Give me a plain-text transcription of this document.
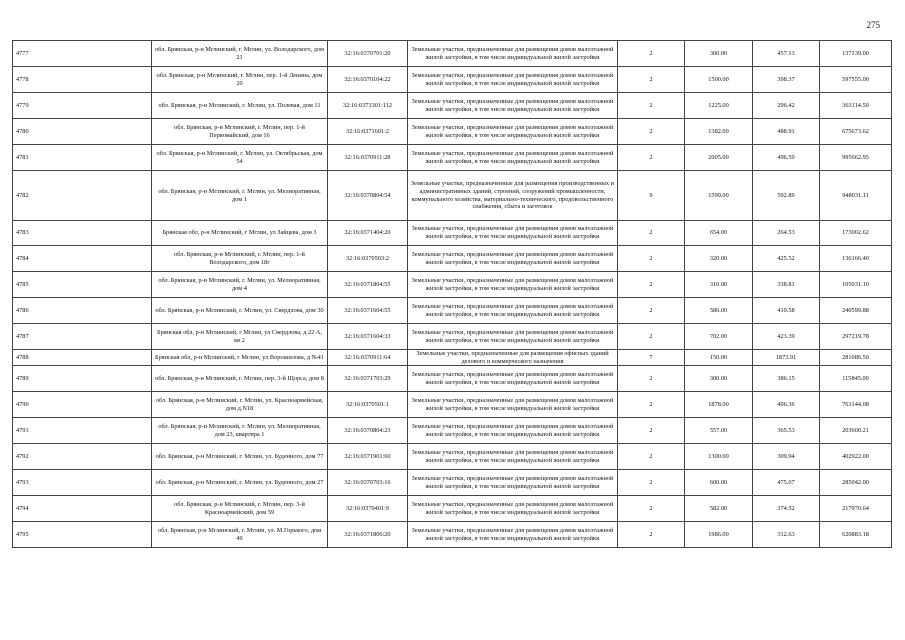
275
4777	обл. Брянская, р-н Мглинский, г. Мглин, ул. Володарского, дом 21	32:16:0370701:20	Земельные участки, предназначенные для размещения домов малоэтажной жилой застройки, в том числе индивидуальной жилой застройки	2	300.00	457.13	137139.00
4778	обл. Брянская, р-н Мглинский, г. Мглин, пер. 1-й Ленина, дом 20	32:16:0370104:22	Земельные участки, предназначенные для размещения домов малоэтажной жилой застройки, в том числе индивидуальной жилой застройки	2	1500.00	398.37	597555.00
4779	обл. Брянская, р-н Мглинский, г. Мглин, ул. Полевая, дом 11	32:16:0371301:112	Земельные участки, предназначенные для размещения домов малоэтажной жилой застройки, в том числе индивидуальной жилой застройки	2	1225.00	296.42	363114.50
4780	обл. Брянская, р-н Мглинский, г. Мглин, пер. 1-й Первомайский, дом 16	32:16:0371601:2	Земельные участки, предназначенные для размещения домов малоэтажной жилой застройки, в том числе индивидуальной жилой застройки	2	1382.00	488.91	675673.62
4781	обл. Брянская, р-н Мглинский, г. Мглин, ул. Октябрьская, дом 54	32:16:0370911:28	Земельные участки, предназначенные для размещения домов малоэтажной жилой застройки, в том числе индивидуальной жилой застройки	2	2005.00	496.59	995662.95
4782	обл. Брянская, р-н Мглинский, г. Мглин, ул. Мелиоративная, дом 1	32:16:0370804:54	Земельные участки, предназначенные для размещения производственных и административных зданий, строений, сооружений промышленности, коммунального хозяйства, материально-технического, продовольственного снабжения, сбыта и заготовок	9	1599.00	592.89	948031.11
4783	Брянская обл, р-н Мглинский, г Мглин, ул Зайцева, дом 3	32:16:0371404:20	Земельные участки, предназначенные для размещения домов малоэтажной жилой застройки, в том числе индивидуальной жилой застройки	2	654.00	264.53	173002.62
4784	обл. Брянская, р-н Мглинский, г. Мглин, пер. 1-й Володарского, дом 18г	32:16:0370503:2	Земельные участки, предназначенные для размещения домов малоэтажной жилой застройки, в том числе индивидуальной жилой застройки	2	320.00	425.52	136166.40
4785	обл. Брянская, р-н Мглинский, г. Мглин, ул. Мелиоративная, дом 4	32:16:0371804:55	Земельные участки, предназначенные для размещения домов малоэтажной жилой застройки, в том числе индивидуальной жилой застройки	2	310.00	338.81	105031.10
4786	обл. Брянская, р-н Мглинский, г. Мглин, ул. Свердлова, дом 30	32:16:0371604:55	Земельные участки, предназначенные для размещения домов малоэтажной жилой застройки, в том числе индивидуальной жилой застройки	2	586.00	410.58	240599.88
4787	Брянская обл, р-н Мглинский, г Мглин, ул Свердлова, д 22 А, кв 2	32:16:0371604:33	Земельные участки, предназначенные для размещения домов малоэтажной жилой застройки, в том числе индивидуальной жилой застройки	2	702.00	423.39	297219.78
4788	Брянская обл, р-н Мглинский, г Мглин, ул Ворошилова, д №41	32:16:0370911:64	Земельные участки, предназначенные для размещения офисных зданий делового и коммерческого назначения	7	150.00	1873.91	281086.50
4789	обл. Брянская, р-н Мглинский, г. Мглин, пер. 3-й Щорса, дом 8	32:16:0371703:29	Земельные участки, предназначенные для размещения домов малоэтажной жилой застройки, в том числе индивидуальной жилой застройки	2	300.00	386.15	115845.00
4790	обл. Брянская, р-н Мглинский, г. Мглин, ул. Красноармейская, дом д.N18	32:16:0370501:1	Земельные участки, предназначенные для размещения домов малоэтажной жилой застройки, в том числе индивидуальной жилой застройки	2	1878.00	406.36	763144.08
4791	обл. Брянская, р-н Мглинский, г. Мглин, ул. Мелиоративная, дом 23, квартира 1	32:16:0370804:23	Земельные участки, предназначенные для размещения домов малоэтажной жилой застройки, в том числе индивидуальной жилой застройки	2	557.00	365.53	203600.21
4792	обл. Брянская, р-н Мглинский, г. Мглин, ул. Буденного, дом 77	32:16:0371901:60	Земельные участки, предназначенные для размещения домов малоэтажной жилой застройки, в том числе индивидуальной жилой застройки	2	1300.00	309.94	402922.00
4793	обл. Брянская, р-н Мглинский, г. Мглин, ул. Буденного, дом 27	32:16:0370703:16	Земельные участки, предназначенные для размещения домов малоэтажной жилой застройки, в том числе индивидуальной жилой застройки	2	600.00	475.07	285042.00
4794	обл. Брянская, р-н Мглинский, г. Мглин, пер. 3-й Красноармейский, дом 59	32:16:0370401:9	Земельные участки, предназначенные для размещения домов малоэтажной жилой застройки, в том числе индивидуальной жилой застройки	2	582.00	374.52	217970.64
4795	обл. Брянская, р-н Мглинский, г. Мглин, ул. М.Горького, дом 49	32:16:0371806:20	Земельные участки, предназначенные для размещения домов малоэтажной жилой застройки, в том числе индивидуальной жилой застройки	2	1986.00	312.63	620883.18
